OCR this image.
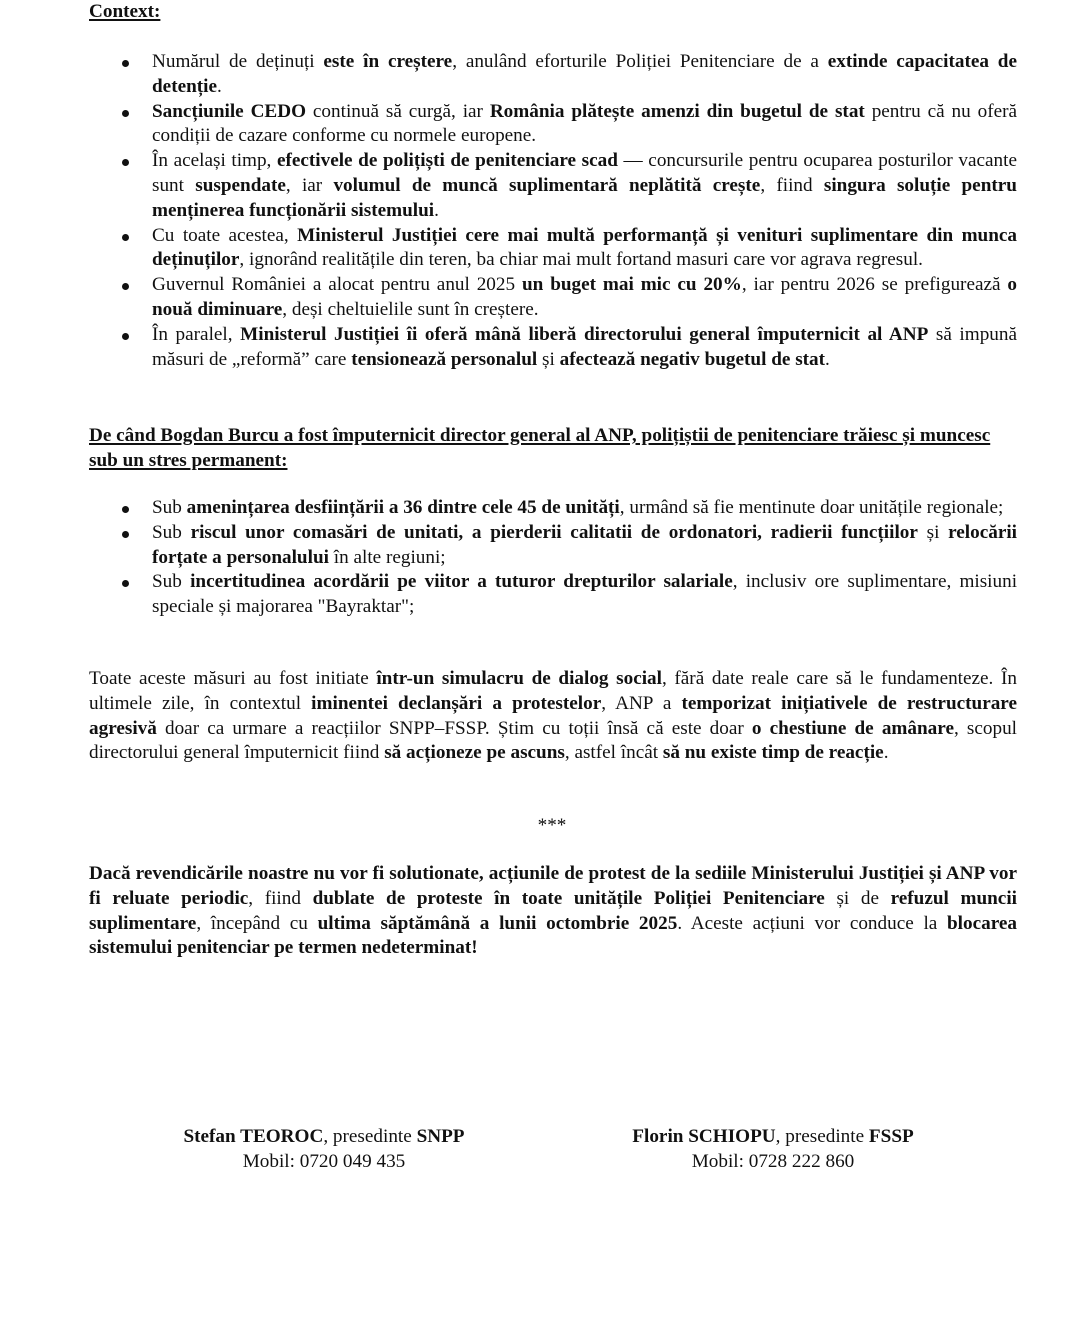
Context:
Numărul de deținuți este în creștere, anulând eforturile Poliției Penitenciare de a extinde capacitatea de detenție.
Sancțiunile CEDO continuă să curgă, iar România plătește amenzi din bugetul de stat pentru că nu oferă condiții de cazare conforme cu normele europene.
În același timp, efectivele de polițiști de penitenciare scad — concursurile pentru ocuparea posturilor vacante sunt suspendate, iar volumul de muncă suplimentară neplătită crește, fiind singura soluție pentru menținerea funcționării sistemului.
Cu toate acestea, Ministerul Justiției cere mai multă performanță și venituri suplimentare din munca deținuților, ignorând realitățile din teren, ba chiar mai mult fortand masuri care vor agrava regresul.
Guvernul României a alocat pentru anul 2025 un buget mai mic cu 20%, iar pentru 2026 se prefigurează o nouă diminuare, deși cheltuielile sunt în creștere.
În paralel, Ministerul Justiției îi oferă mână liberă directorului general împuternicit al ANP să impună măsuri de „reformă” care tensionează personalul și afectează negativ bugetul de stat.
De când Bogdan Burcu a fost împuternicit director general al ANP, polițiștii de penitenciare trăiesc și muncesc sub un stres permanent:
Sub amenințarea desființării a 36 dintre cele 45 de unități, urmând să fie mentinute doar unitățile regionale;
Sub riscul unor comasări de unitati, a pierderii calitatii de ordonatori, radierii funcțiilor și relocării forțate a personalului în alte regiuni;
Sub incertitudinea acordării pe viitor a tuturor drepturilor salariale, inclusiv ore suplimentare, misiuni speciale și majorarea "Bayraktar";

Toate aceste măsuri au fost initiate într-un simulacru de dialog social, fără date reale care să le fundamenteze. În ultimele zile, în contextul iminentei declanșări a protestelor, ANP a temporizat inițiativele de restructurare agresivă doar ca urmare a reacțiilor SNPP–FSSP. Știm cu toții însă că este doar o chestiune de amânare, scopul directorului general împuternicit fiind să acționeze pe ascuns, astfel încât să nu existe timp de reacție.

***

Dacă revendicările noastre nu vor fi solutionate, acțiunile de protest de la sediile Ministerului Justiției și ANP vor fi reluate periodic, fiind dublate de proteste în toate unitățile Poliției Penitenciare și de refuzul muncii suplimentare, începând cu ultima săptămână a lunii octombrie 2025. Aceste acțiuni vor conduce la blocarea sistemului penitenciar pe termen nedeterminat!

Stefan TEOROC, presedinte SNPP
Mobil: 0720 049 435
Florin SCHIOPU, presedinte FSSP
Mobil: 0728 222 860
